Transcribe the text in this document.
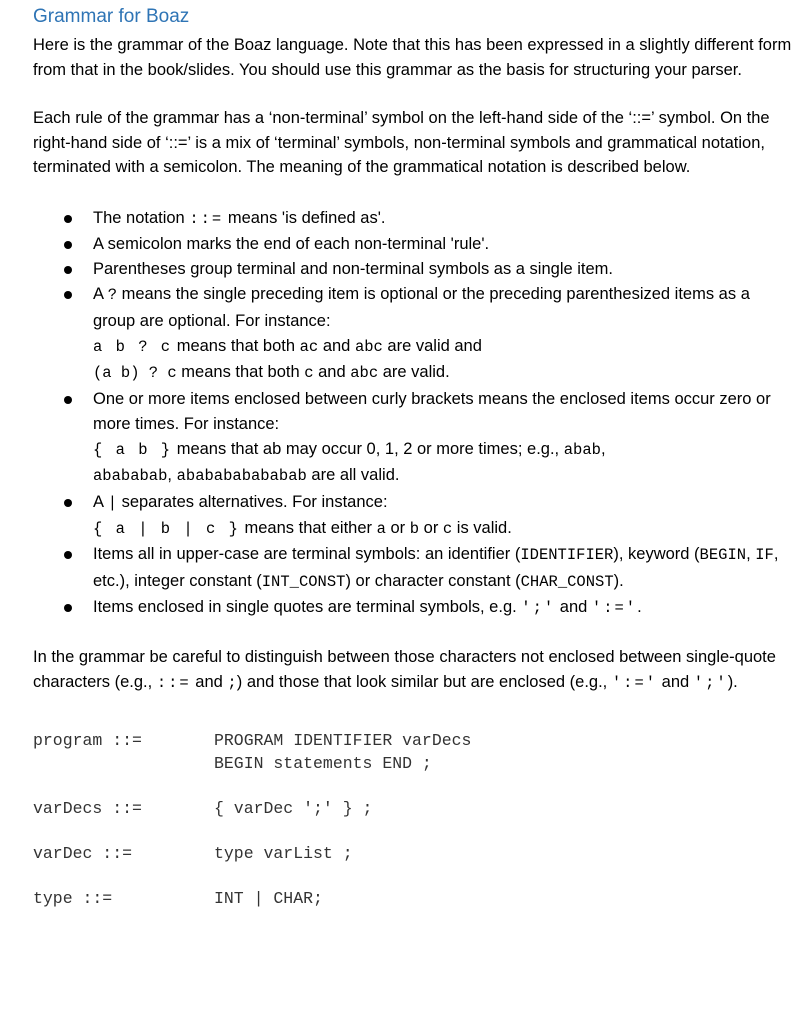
Grammar for Boaz

Here is the grammar of the Boaz language. Note that this has been expressed in a slightly different form from that in the book/slides. You should use this grammar as the basis for structuring your parser.

Each rule of the grammar has a ‘non-terminal’ symbol on the left-hand side of the ‘::=’ symbol. On the right-hand side of ‘::=’ is a mix of ‘terminal’ symbols, non-terminal symbols and grammatical notation, terminated with a semicolon. The meaning of the grammatical notation is described below.

The notation ::= means 'is defined as'.
A semicolon marks the end of each non-terminal 'rule'.
Parentheses group terminal and non-terminal symbols as a single item.
A ? means the single preceding item is optional or the preceding parenthesized items as a group are optional. For instance:
a b ? c means that both ac and abc are valid and
(a b) ? c means that both c and abc are valid.
One or more items enclosed between curly brackets means the enclosed items occur zero or more times. For instance:
{ a b } means that ab may occur 0, 1, 2 or more times; e.g., abab,
abababab, ababababababab are all valid.
A | separates alternatives. For instance:
{ a | b | c } means that either a or b or c is valid.
Items all in upper-case are terminal symbols: an identifier (IDENTIFIER), keyword (BEGIN, IF, etc.), integer constant (INT_CONST) or character constant (CHAR_CONST).
Items enclosed in single quotes are terminal symbols, e.g. ';' and ':='.

In the grammar be careful to distinguish between those characters not enclosed between single-quote characters (e.g., ::= and ;) and those that look similar but are enclosed (e.g., ':=' and ';').

program ::=	PROGRAM IDENTIFIER varDecs
BEGIN statements END ;
varDecs ::=	{ varDec ';' } ;
varDec ::=	type varList ;
type ::=	INT | CHAR;
